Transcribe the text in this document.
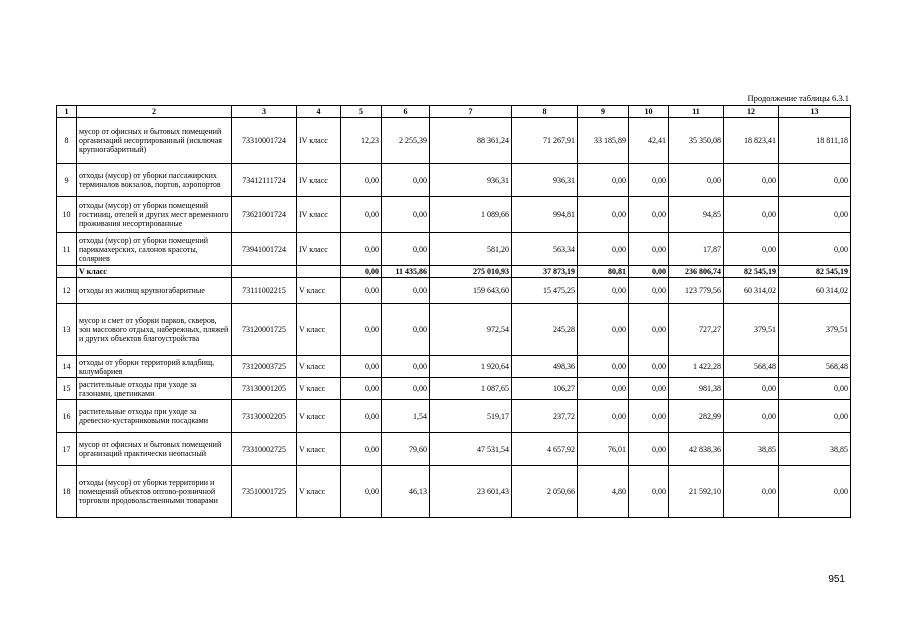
Продолжение таблицы 6.3.1
1	2	3	4	5	6	7	8	9	10	11	12	13
8	мусор от офисных и бытовых помещений организаций несортированный (исключая крупногабаритный)	73310001724	IV класс	12,23	2 255,39	88 361,24	71 267,91	33 185,89	42,41	35 350,08	18 823,41	18 811,18
9	отходы (мусор) от уборки пассажирских терминалов вокзалов, портов, аэропортов	73412111724	IV класс	0,00	0,00	936,31	936,31	0,00	0,00	0,00	0,00	0,00
10	отходы (мусор) от уборки помещений гостиниц, отелей и других мест временного проживания несортированные	73621001724	IV класс	0,00	0,00	1 089,66	994,81	0,00	0,00	94,85	0,00	0,00
11	отходы (мусор) от уборки помещений парикмахерских, салонов красоты, соляриев	73941001724	IV класс	0,00	0,00	581,20	563,34	0,00	0,00	17,87	0,00	0,00
	V класс			0,00	11 435,86	275 010,93	37 873,19	80,81	0,00	236 806,74	82 545,19	82 545,19
12	отходы из жилищ крупногабаритные	73111002215	V класс	0,00	0,00	159 643,60	15 475,25	0,00	0,00	123 779,56	60 314,02	60 314,02
13	мусор и смет от уборки парков, скверов, зон массового отдыха, набережных, пляжей и других объектов благоустройства	73120001725	V класс	0,00	0,00	972,54	245,28	0,00	0,00	727,27	379,51	379,51
14	отходы от уборки территорий кладбищ, колумбариев	73120003725	V класс	0,00	0,00	1 920,64	498,36	0,00	0,00	1 422,28	568,48	568,48
15	растительные отходы при уходе за газонами, цветниками	73130001205	V класс	0,00	0,00	1 087,65	106,27	0,00	0,00	981,38	0,00	0,00
16	растительные отходы при уходе за древесно-кустарниковыми посадками	73130002205	V класс	0,00	1,54	519,17	237,72	0,00	0,00	282,99	0,00	0,00
17	мусор от офисных и бытовых помещений организаций практически неопасный	73310002725	V класс	0,00	79,60	47 531,54	4 657,92	76,01	0,00	42 838,36	38,85	38,85
18	отходы (мусор) от уборки территории и помещений объектов оптово-розничной торговли продовольственными товарами	73510001725	V класс	0,00	46,13	23 601,43	2 050,66	4,80	0,00	21 592,10	0,00	0,00
951
